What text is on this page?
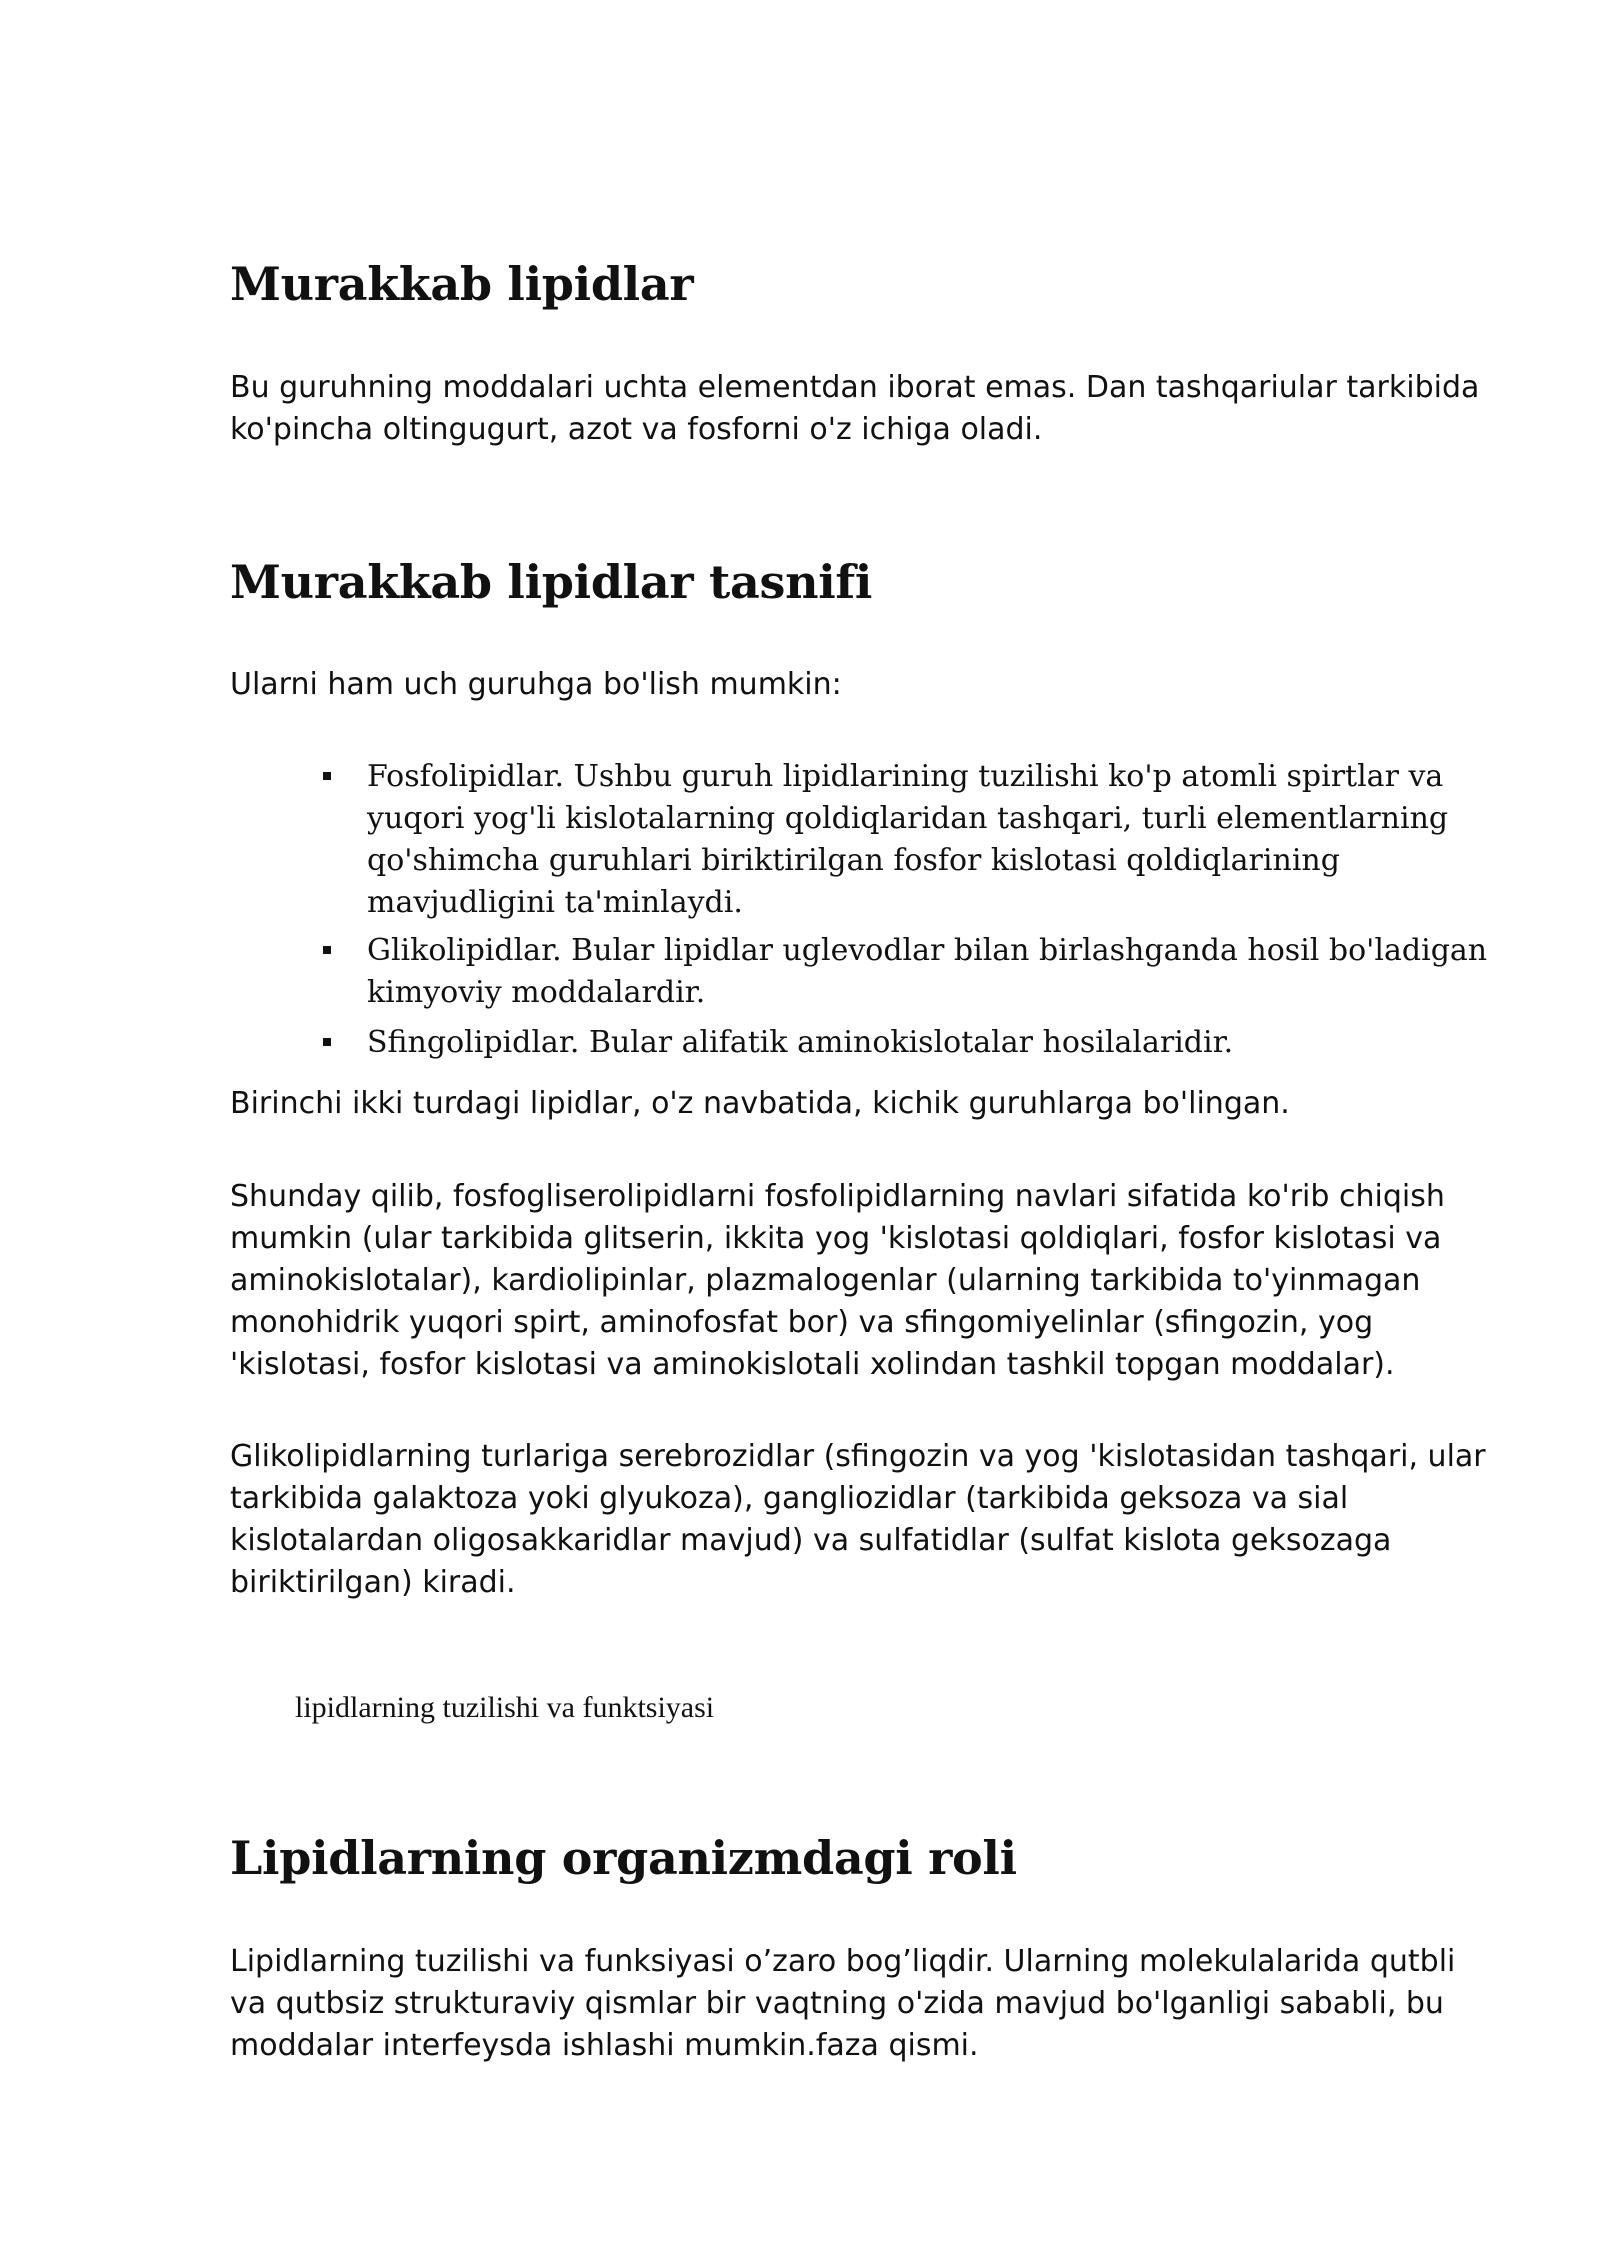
Murakkab lipidlar

Bu guruhning moddalari uchta elementdan iborat emas. Dan tashqariular tarkibida ko'pincha oltingugurt, azot va fosforni o'z ichiga oladi.

Murakkab lipidlar tasnifi

Ularni ham uch guruhga bo'lish mumkin:

Fosfolipidlar. Ushbu guruh lipidlarining tuzilishi ko'p atomli spirtlar va yuqori yog'li kislotalarning qoldiqlaridan tashqari, turli elementlarning qo'shimcha guruhlari biriktirilgan fosfor kislotasi qoldiqlarining mavjudligini ta'minlaydi.
Glikolipidlar. Bular lipidlar uglevodlar bilan birlashganda hosil bo'ladigan kimyoviy moddalardir.
Sfingolipidlar. Bular alifatik aminokislotalar hosilalaridir.

Birinchi ikki turdagi lipidlar, o'z navbatida, kichik guruhlarga bo'lingan.

Shunday qilib, fosfogliserolipidlarni fosfolipidlarning navlari sifatida ko'rib chiqish mumkin (ular tarkibida glitserin, ikkita yog 'kislotasi qoldiqlari, fosfor kislotasi va aminokislotalar), kardiolipinlar, plazmalogenlar (ularning tarkibida to'yinmagan monohidrik yuqori spirt, aminofosfat bor) va sfingomiyelinlar (sfingozin, yog 'kislotasi, fosfor kislotasi va aminokislotali xolindan tashkil topgan moddalar).

Glikolipidlarning turlariga serebrozidlar (sfingozin va yog 'kislotasidan tashqari, ular tarkibida galaktoza yoki glyukoza), gangliozidlar (tarkibida geksoza va sial kislotalardan oligosakkaridlar mavjud) va sulfatidlar (sulfat kislota geksozaga biriktirilgan) kiradi.

lipidlarning tuzilishi va funktsiyasi
Lipidlarning organizmdagi roli

Lipidlarning tuzilishi va funksiyasi o’zaro bog’liqdir. Ularning molekulalarida qutbli va qutbsiz strukturaviy qismlar bir vaqtning o'zida mavjud bo'lganligi sababli, bu moddalar interfeysda ishlashi mumkin.faza qismi.
